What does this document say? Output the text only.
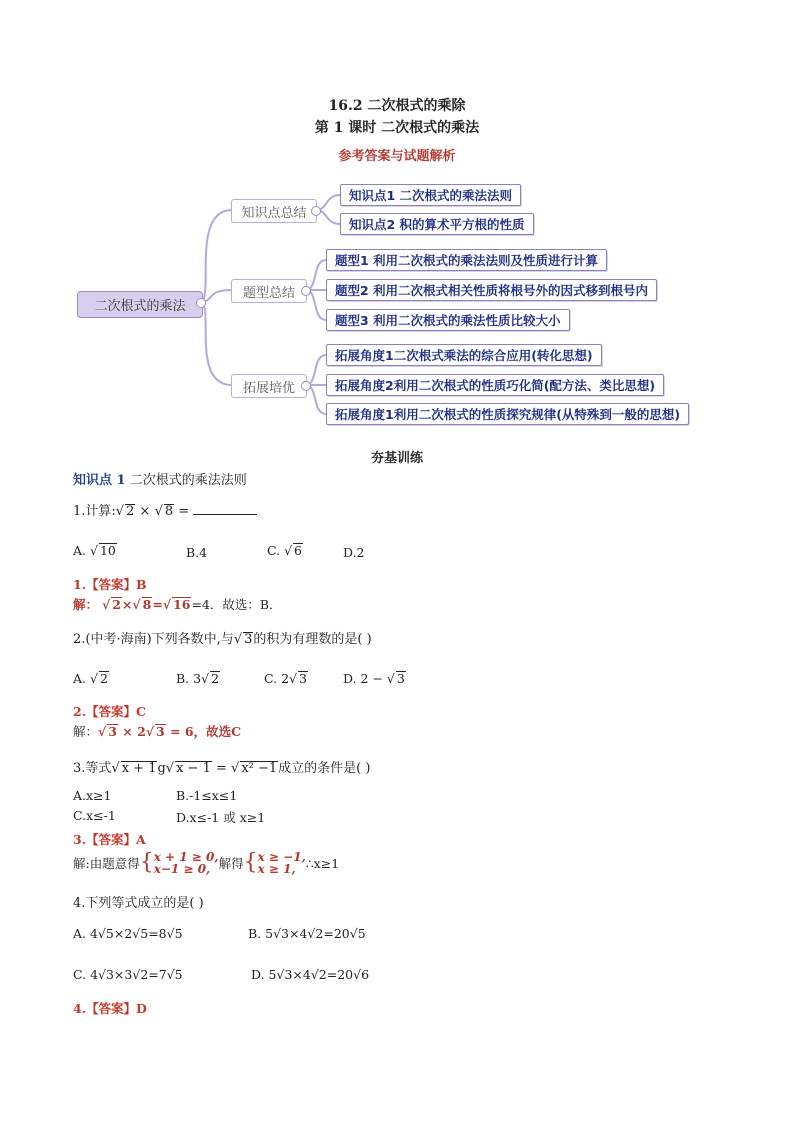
16.2 二次根式的乘除
第 1 课时 二次根式的乘法
参考答案与试题解析
二次根式的乘法
知识点总结
题型总结
拓展培优
知识点1 二次根式的乘法法则
知识点2 积的算术平方根的性质
题型1 利用二次根式的乘法法则及性质进行计算
题型2 利用二次根式相关性质将根号外的因式移到根号内
题型3 利用二次根式的乘法性质比较大小
拓展角度1二次根式乘法的综合应用(转化思想)
拓展角度2利用二次根式的性质巧化简(配方法、类比思想)
拓展角度1利用二次根式的性质探究规律(从特殊到一般的思想)
夯基训练
知识点 1 二次根式的乘法法则
1.计算:√ 2 × √ 8 =
A. √ 10	B.4	C. √ 6	D.2
1.【答案】B
解： √ 2×√ 8=√ 16=4．故选：B．
2.(中考·海南)下列各数中,与√ 3的积为有理数的是( )
A. √ 2	B. 3√ 2	C. 2√ 3	D. 2 − √ 3
2.【答案】C
解：√ 3 × 2√ 3 = 6，故选C
3.等式√ x + 1g√ x − 1 = √ x² −1成立的条件是( )
A.x≥1	B.-1≤x≤1
C.x≤-1	D.x≤-1 或 x≥1
3.【答案】A
解:由题意得 { x + 1 ≥ 0,
x−1 ≥ 0, 解得 { x ≥ −1,
x ≥ 1, ∴x≥1
4.下列等式成立的是( )
A. 4√5×2√5=8√5	B. 5√3×4√2=20√5
C. 4√3×3√2=7√5	D. 5√3×4√2=20√6
4.【答案】D
